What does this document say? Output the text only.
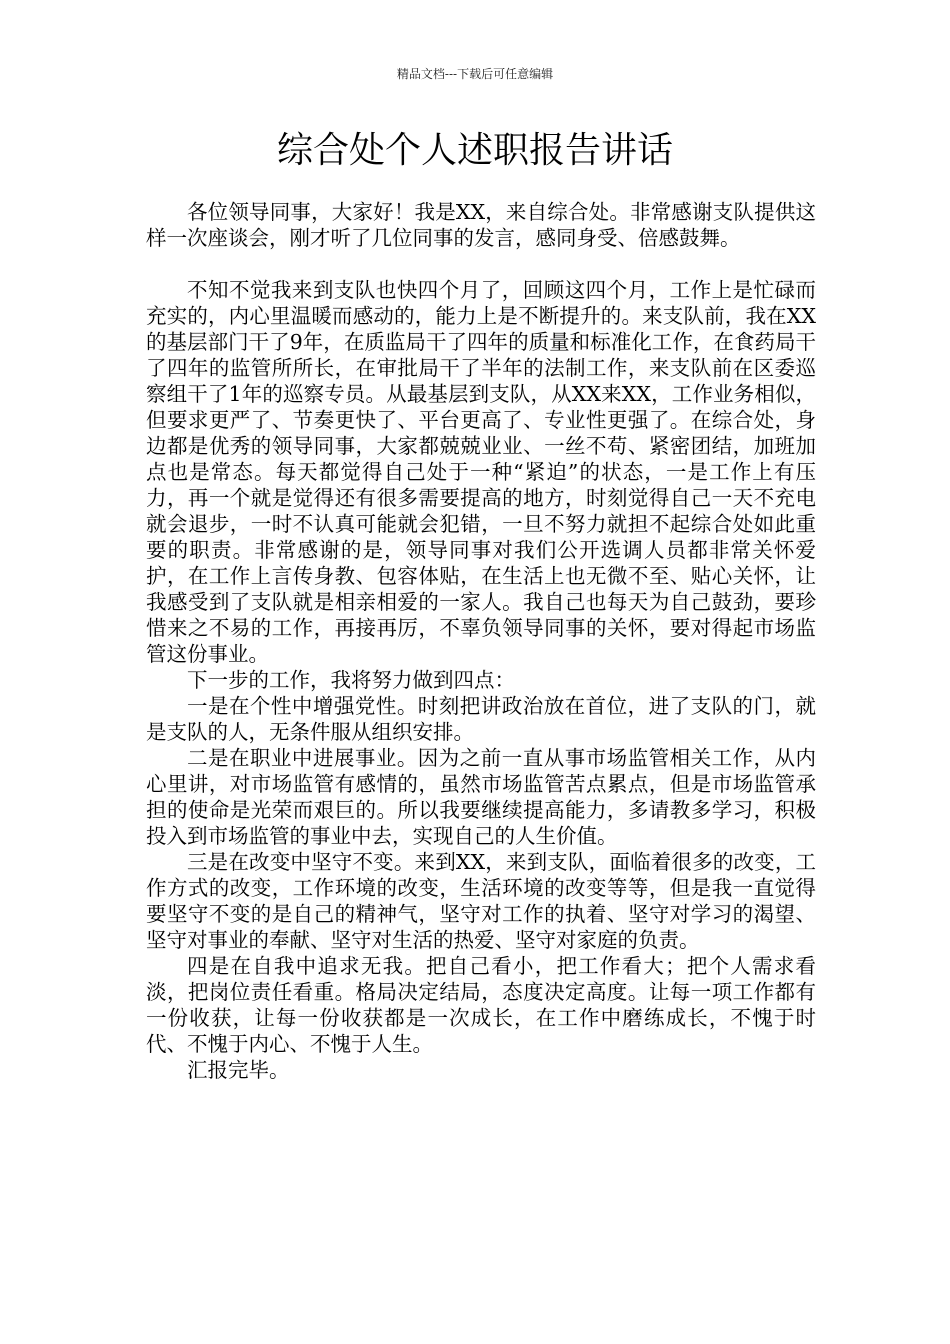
精品文档---下载后可任意编辑
综合处个人述职报告讲话

各位领导同事，大家好！我是XX，来自综合处。非常感谢支队提供这样一次座谈会，刚才听了几位同事的发言，感同身受、倍感鼓舞。

不知不觉我来到支队也快四个月了，回顾这四个月，工作上是忙碌而充实的，内心里温暖而感动的，能力上是不断提升的。来支队前，我在XX的基层部门干了9年，在质监局干了四年的质量和标准化工作，在食药局干了四年的监管所所长，在审批局干了半年的法制工作，来支队前在区委巡察组干了1年的巡察专员。从最基层到支队，从XX来XX，工作业务相似，但要求更严了、节奏更快了、平台更高了、专业性更强了。在综合处，身边都是优秀的领导同事，大家都兢兢业业、一丝不苟、紧密团结，加班加点也是常态。每天都觉得自己处于一种“紧迫”的状态，一是工作上有压力，再一个就是觉得还有很多需要提高的地方，时刻觉得自己一天不充电就会退步，一时不认真可能就会犯错，一旦不努力就担不起综合处如此重要的职责。非常感谢的是，领导同事对我们公开选调人员都非常关怀爱护，在工作上言传身教、包容体贴，在生活上也无微不至、贴心关怀，让我感受到了支队就是相亲相爱的一家人。我自己也每天为自己鼓劲，要珍惜来之不易的工作，再接再厉，不辜负领导同事的关怀，要对得起市场监管这份事业。

下一步的工作，我将努力做到四点：

一是在个性中增强党性。时刻把讲政治放在首位，进了支队的门，就是支队的人，无条件服从组织安排。

二是在职业中进展事业。因为之前一直从事市场监管相关工作，从内心里讲，对市场监管有感情的，虽然市场监管苦点累点，但是市场监管承担的使命是光荣而艰巨的。所以我要继续提高能力，多请教多学习，积极投入到市场监管的事业中去，实现自己的人生价值。

三是在改变中坚守不变。来到XX，来到支队，面临着很多的改变，工作方式的改变，工作环境的改变，生活环境的改变等等，但是我一直觉得要坚守不变的是自己的精神气，坚守对工作的执着、坚守对学习的渴望、坚守对事业的奉献、坚守对生活的热爱、坚守对家庭的负责。

四是在自我中追求无我。把自己看小，把工作看大；把个人需求看淡，把岗位责任看重。格局决定结局，态度决定高度。让每一项工作都有一份收获，让每一份收获都是一次成长，在工作中磨练成长，不愧于时代、不愧于内心、不愧于人生。

汇报完毕。
